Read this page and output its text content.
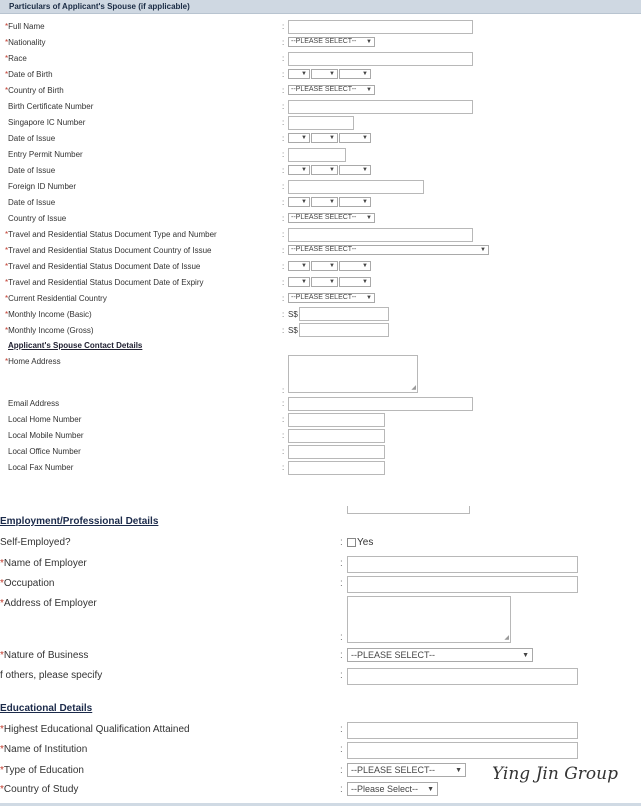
Particulars of Applicant's Spouse (if applicable)
*Full Name	:
*Nationality	: --PLEASE SELECT-- ▼
*Race	:
*Date of Birth	:	▼	▼	▼
*Country of Birth	: --PLEASE SELECT-- ▼
Birth Certificate Number	:
Singapore IC Number	:
Date of Issue	:	▼	▼	▼
Entry Permit Number	:
Date of Issue	:	▼	▼	▼
Foreign ID Number	:
Date of Issue	:	▼	▼	▼
Country of Issue	: --PLEASE SELECT-- ▼
*Travel and Residential Status Document Type and Number	:
*Travel and Residential Status Document Country of Issue	: --PLEASE SELECT--	▼
*Travel and Residential Status Document Date of Issue	:	▼	▼	▼
*Travel and Residential Status Document Date of Expiry	:	▼	▼	▼
*Current Residential Country	: --PLEASE SELECT-- ▼
*Monthly Income (Basic)	: S$
*Monthly Income (Gross)	: S$
Applicant's Spouse Contact Details
*Home Address
:	◢
Email Address	:
Local Home Number	:
Local Mobile Number	:
Local Office Number	:
Local Fax Number	:
Employment/Professional Details
Self-Employed?	: Yes
*Name of Employer	:
*Occupation	:
*Address of Employer
:	◢
*Nature of Business	: --PLEASE SELECT--	▼
f others, please specify	:
Educational Details
*Highest Educational Qualification Attained	:
*Name of Institution	:
*Type of Education	: --PLEASE SELECT--	▼
*Country of Study	: --Please Select-- ▼
Ying Jin Group
